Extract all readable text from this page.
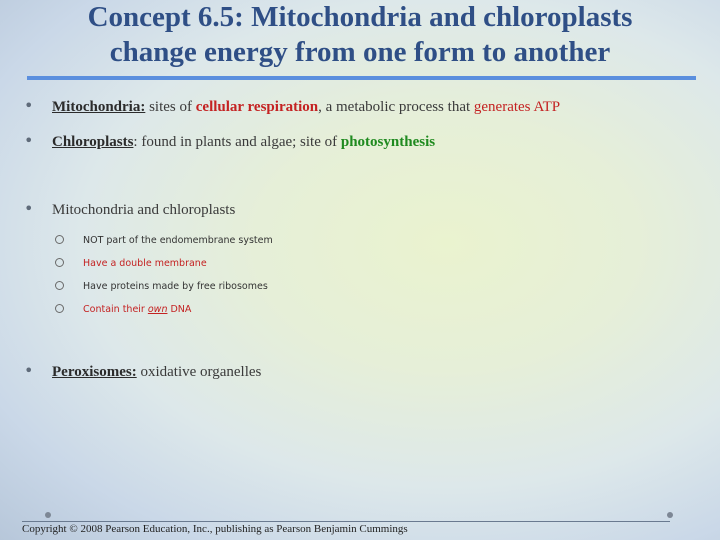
Concept 6.5: Mitochondria and chloroplasts
change energy from one form to another
•	Mitochondria: sites of cellular respiration, a metabolic process that generates ATP
•	Chloroplasts: found in plants and algae; site of photosynthesis
•	Mitochondria and chloroplasts
NOT part of the endomembrane system
Have a double membrane
Have proteins made by free ribosomes
Contain their own DNA
•	Peroxisomes: oxidative organelles
Copyright © 2008 Pearson Education, Inc., publishing as Pearson Benjamin Cummings
